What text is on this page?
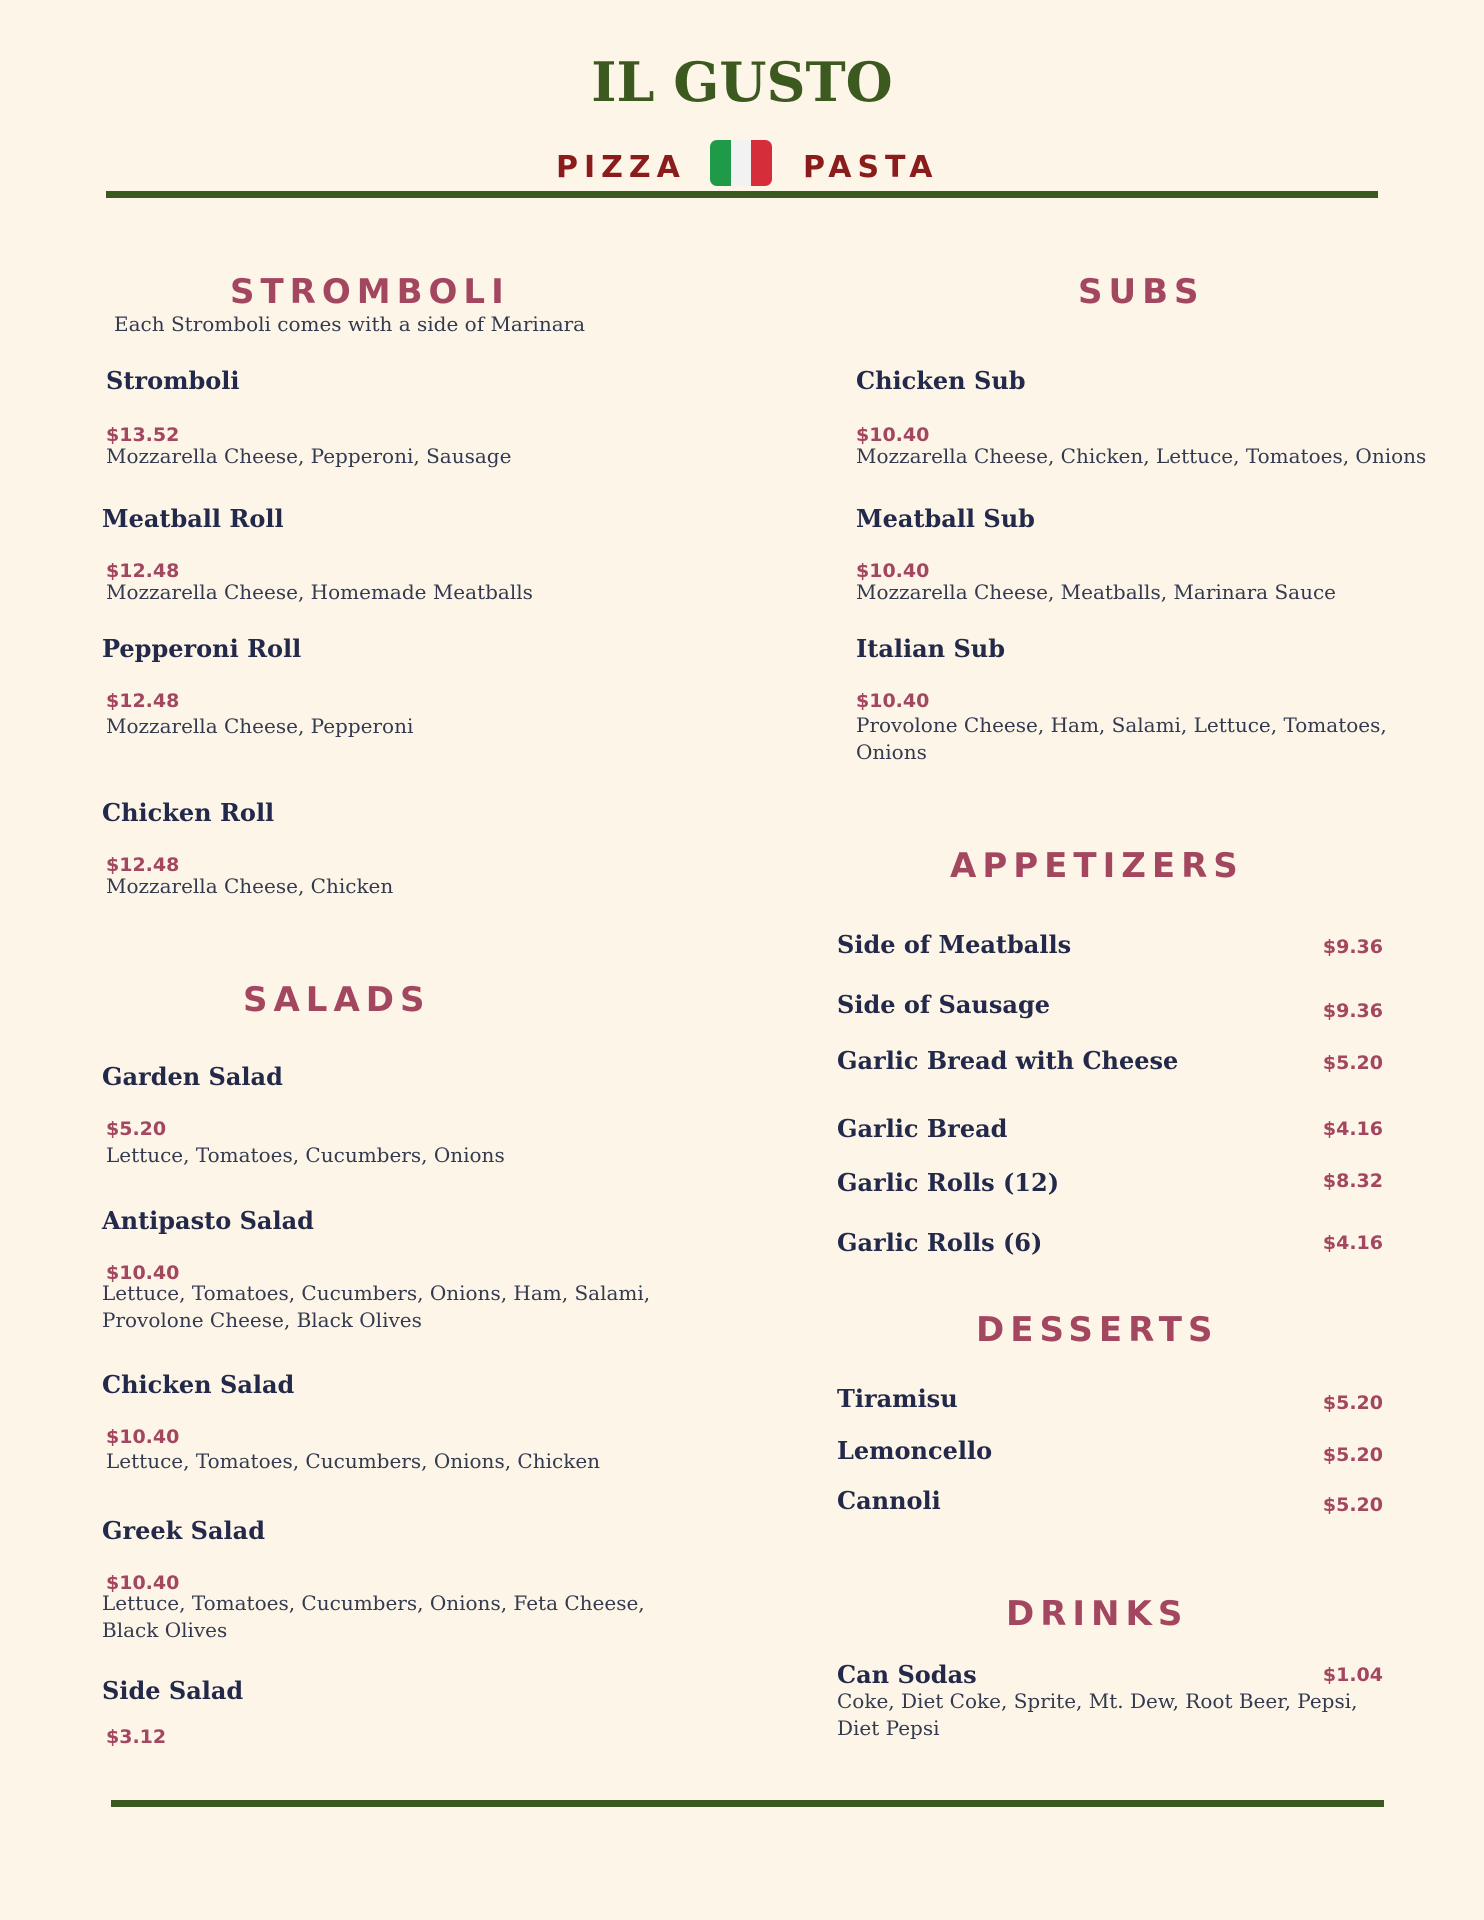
IL GUSTO
PIZZA	PASTA
STROMBOLI
Each Stromboli comes with a side of Marinara
Stromboli
$13.52
Mozzarella Cheese, Pepperoni, Sausage
Meatball Roll
$12.48
Mozzarella Cheese, Homemade Meatballs
Pepperoni Roll
$12.48
Mozzarella Cheese, Pepperoni
Chicken Roll
$12.48
Mozzarella Cheese, Chicken
SALADS
Garden Salad
$5.20
Lettuce, Tomatoes, Cucumbers, Onions
Antipasto Salad
$10.40
Lettuce, Tomatoes, Cucumbers, Onions, Ham, Salami, Provolone Cheese, Black Olives
Chicken Salad
$10.40
Lettuce, Tomatoes, Cucumbers, Onions, Chicken
Greek Salad
$10.40
Lettuce, Tomatoes, Cucumbers, Onions, Feta Cheese, Black Olives
Side Salad
$3.12
SUBS
Chicken Sub
$10.40
Mozzarella Cheese, Chicken, Lettuce, Tomatoes, Onions
Meatball Sub
$10.40
Mozzarella Cheese, Meatballs, Marinara Sauce
Italian Sub
$10.40
Provolone Cheese, Ham, Salami, Lettuce, Tomatoes, Onions
APPETIZERS
Side of Meatballs	$9.36
Side of Sausage	$9.36
Garlic Bread with Cheese	$5.20
Garlic Bread	$4.16
Garlic Rolls (12)	$8.32
Garlic Rolls (6)	$4.16
DESSERTS
Tiramisu	$5.20
Lemoncello	$5.20
Cannoli	$5.20
DRINKS
Can Sodas	$1.04
Coke, Diet Coke, Sprite, Mt. Dew, Root Beer, Pepsi, Diet Pepsi
